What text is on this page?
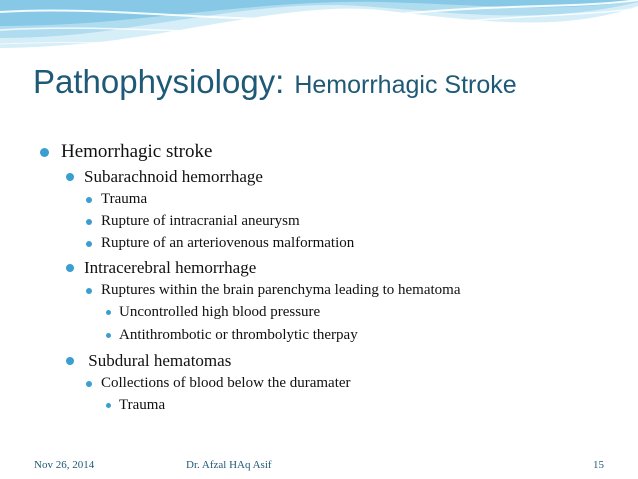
Pathophysiology: Hemorrhagic Stroke
Hemorrhagic stroke
Subarachnoid hemorrhage
Trauma
Rupture of intracranial aneurysm
Rupture of an arteriovenous malformation
Intracerebral hemorrhage
Ruptures within the brain parenchyma leading to hematoma
Uncontrolled high blood pressure
Antithrombotic or thrombolytic therpay
Subdural hematomas
Collections of blood below the duramater
Trauma
Nov 26, 2014	Dr. Afzal HAq Asif	15
